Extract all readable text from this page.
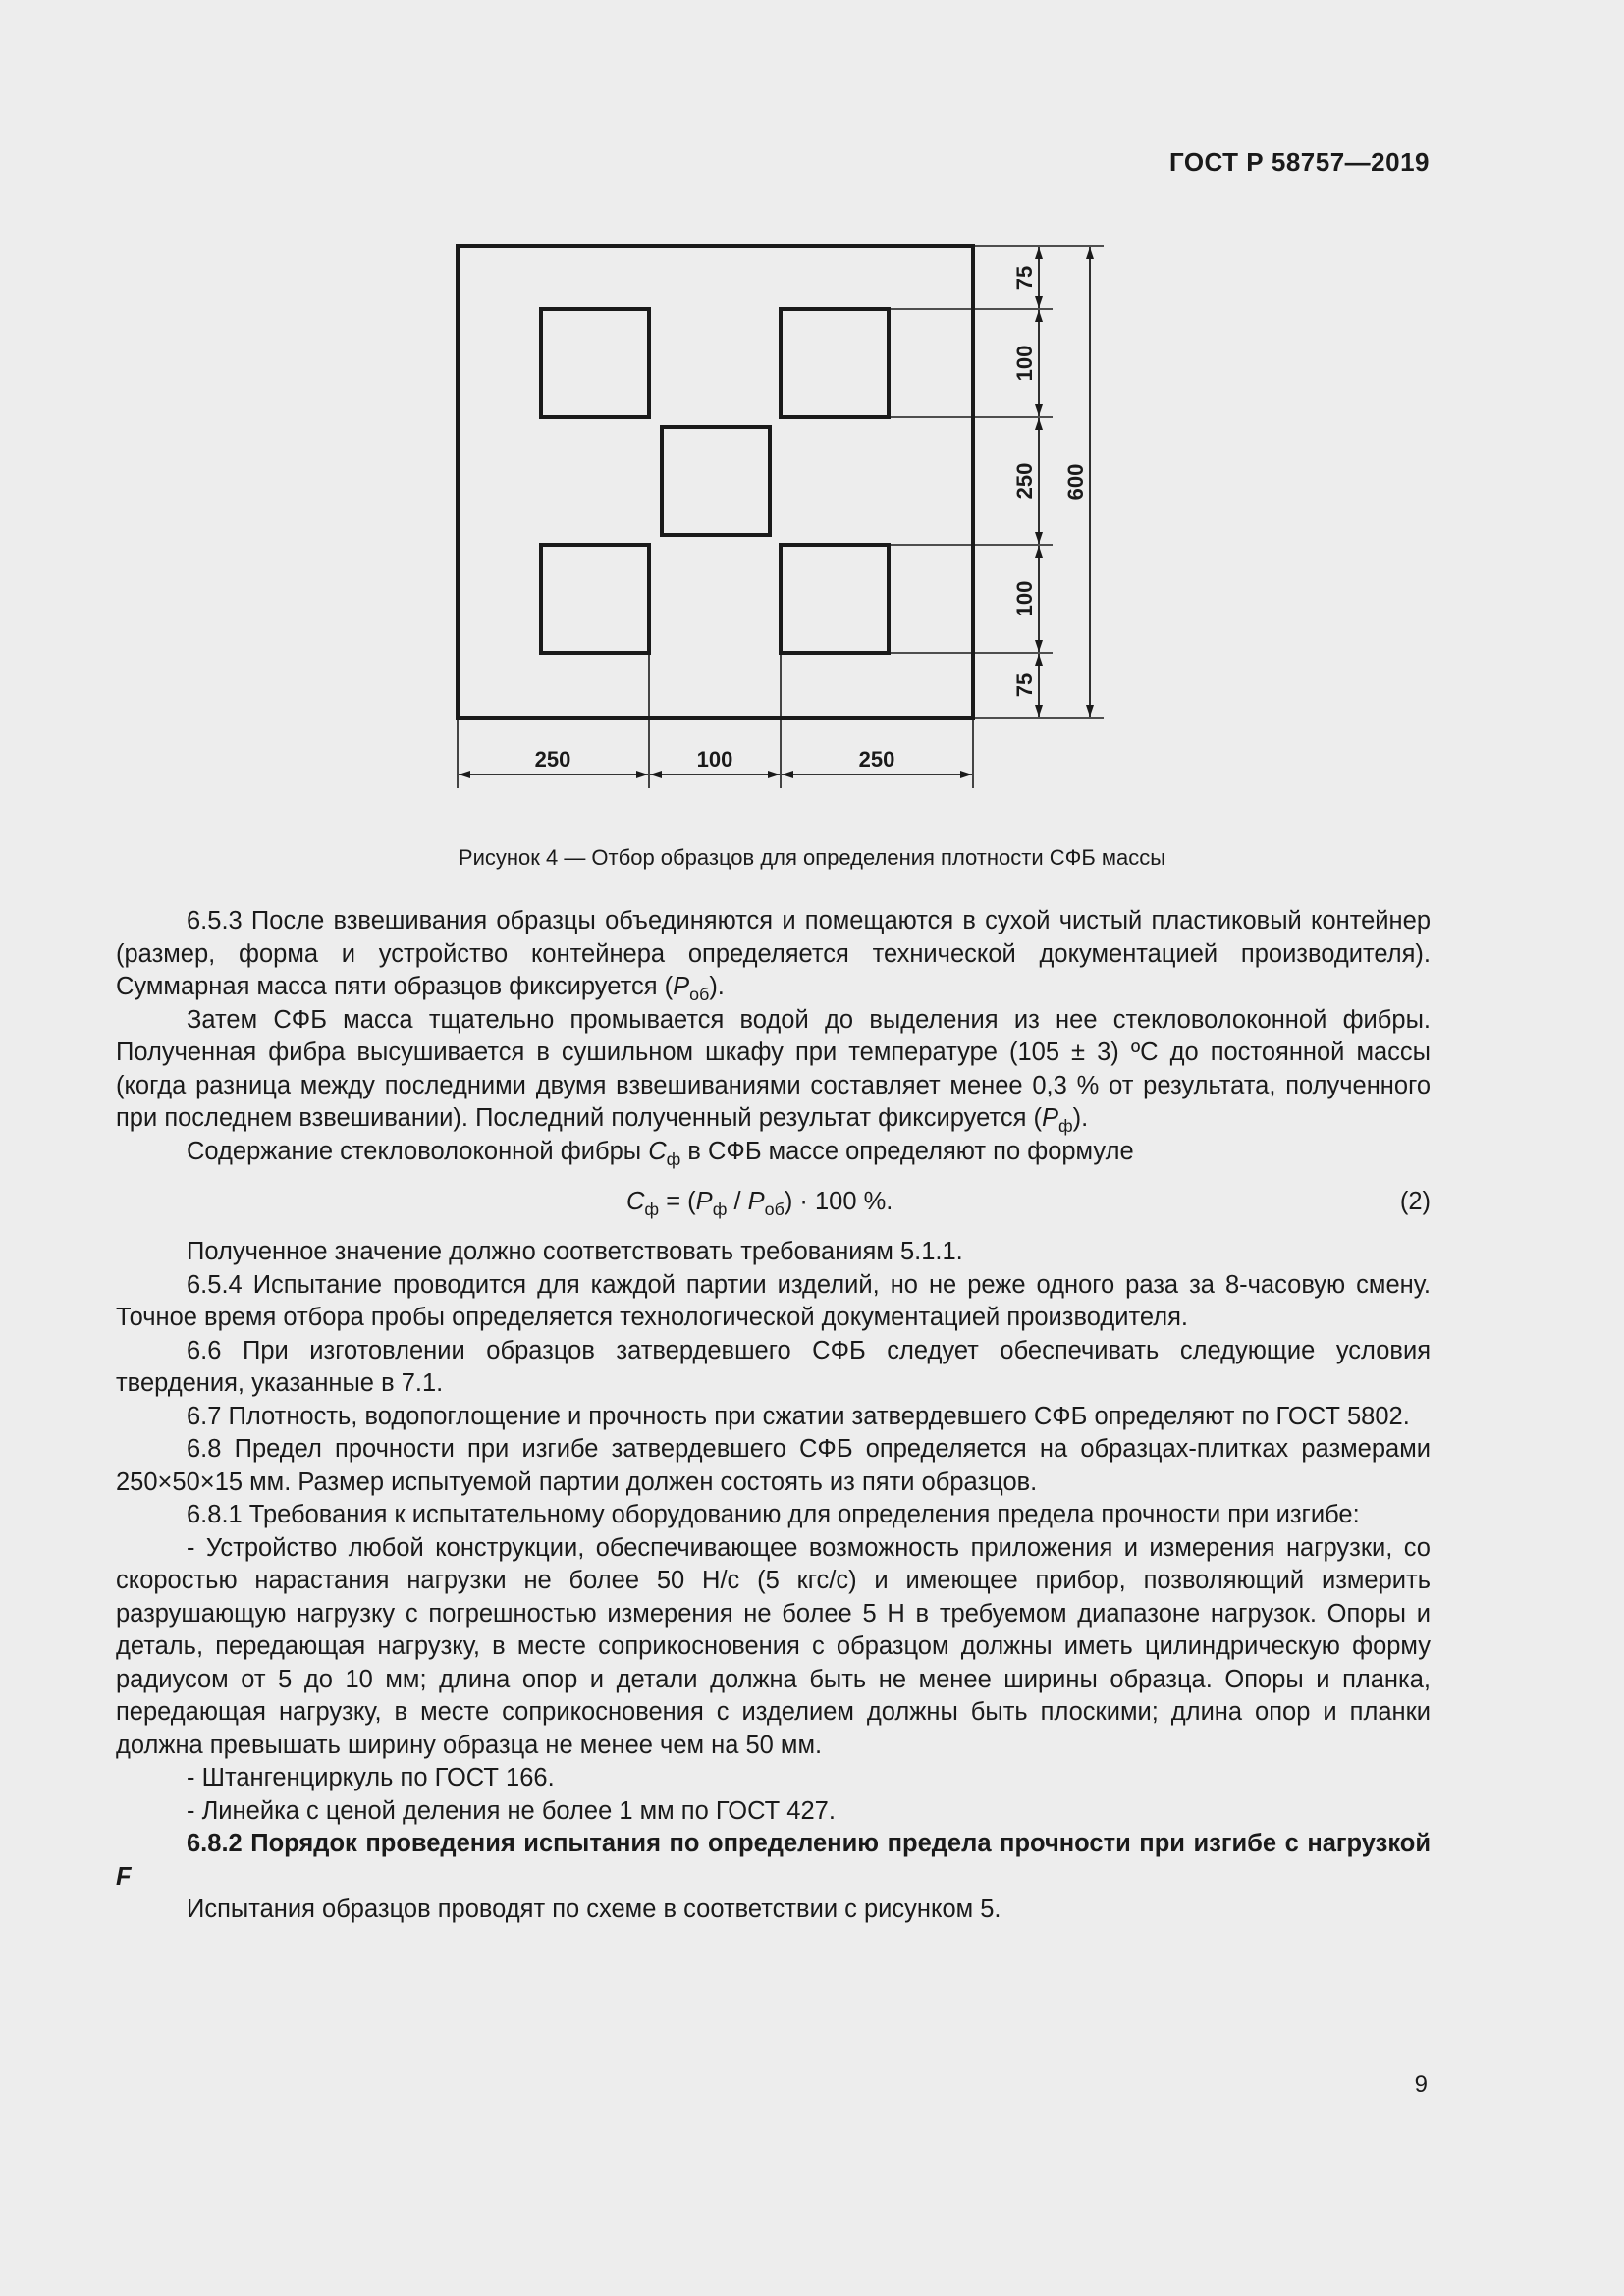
ГОСТ Р 58757—2019
75
100
250
100
75
600
250	100	250
Рисунок 4 — Отбор образцов для определения плотности СФБ массы

6.5.3 После взвешивания образцы объединяются и помещаются в сухой чистый пластиковый контейнер (размер, форма и устройство контейнера определяется технической документацией производителя). Суммарная масса пяти образцов фиксируется $(P_{об})$.

Затем СФБ масса тщательно промывается водой до выделения из нее стекловолоконной фибры. Полученная фибра высушивается в сушильном шкафу при температуре (105 ± 3) ºС до постоянной массы (когда разница между последними двумя взвешиваниями составляет менее 0,3 % от результата, полученного при последнем взвешивании). Последний полученный результат фиксируется $(P_ф)$.

Содержание стекловолоконной фибры $С_ф$ в СФБ массе определяют по формуле

$С_ф = (P_ф / P_{об}) \cdot 100$ %.	(2)

Полученное значение должно соответствовать требованиям 5.1.1.

6.5.4 Испытание проводится для каждой партии изделий, но не реже одного раза за 8-часовую смену. Точное время отбора пробы определяется технологической документацией производителя.

6.6 При изготовлении образцов затвердевшего СФБ следует обеспечивать следующие условия твердения, указанные в 7.1.

6.7 Плотность, водопоглощение и прочность при сжатии затвердевшего СФБ определяют по ГОСТ 5802.

6.8 Предел прочности при изгибе затвердевшего СФБ определяется на образцах-плитках размерами 250×50×15 мм. Размер испытуемой партии должен состоять из пяти образцов.

6.8.1 Требования к испытательному оборудованию для определения предела прочности при изгибе:

- Устройство любой конструкции, обеспечивающее возможность приложения и измерения нагрузки, со скоростью нарастания нагрузки не более 50 Н/с (5 кгс/с) и имеющее прибор, позволяющий измерить разрушающую нагрузку с погрешностью измерения не более 5 Н в требуемом диапазоне нагрузок. Опоры и деталь, передающая нагрузку, в месте соприкосновения с образцом должны иметь цилиндрическую форму радиусом от 5 до 10 мм; длина опор и детали должна быть не менее ширины образца. Опоры и планка, передающая нагрузку, в месте соприкосновения с изделием должны быть плоскими; длина опор и планки должна превышать ширину образца не менее чем на 50 мм.

- Штангенциркуль по ГОСТ 166.

- Линейка с ценой деления не более 1 мм по ГОСТ 427.

6.8.2 Порядок проведения испытания по определению предела прочности при изгибе с нагрузкой F

Испытания образцов проводят по схеме в соответствии с рисунком 5.

9
